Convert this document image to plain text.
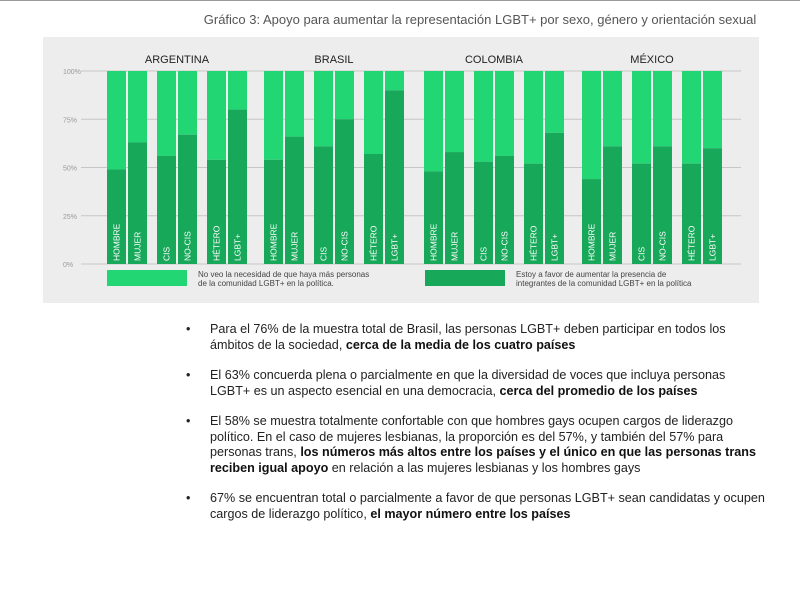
Gráfico 3: Apoyo para aumentar la representación LGBT+ por sexo, género y orientación sexual
100%
75%
50%
25%
0%
ARGENTINA
HOMBRE MUJER CIS NO-CIS HÉTERO LGBT+
BRASIL
HOMBRE MUJER CIS NO-CIS HÉTERO LGBT+
COLOMBIA
HOMBRE MUJER CIS NO-CIS HÉTERO LGBT+
MÉXICO
HOMBRE MUJER CIS NO-CIS HÉTERO LGBT+
No veo la necesidad de que haya más personas
de la comunidad LGBT+ en la política.
Estoy a favor de aumentar la presencia de
integrantes de la comunidad LGBT+ en la política
• Para el 76% de la muestra total de Brasil, las personas LGBT+ deben participar en todos los ámbitos de la sociedad, cerca de la media de los cuatro países
• El 63% concuerda plena o parcialmente en que la diversidad de voces que incluya personas LGBT+ es un aspecto esencial en una democracia, cerca del promedio de los países
• El 58% se muestra totalmente confortable con que hombres gays ocupen cargos de liderazgo político. En el caso de mujeres lesbianas, la proporción es del 57%, y también del 57% para personas trans, los números más altos entre los países y el único en que las personas trans reciben igual apoyo en relación a las mujeres lesbianas y los hombres gays
• 67% se encuentran total o parcialmente a favor de que personas LGBT+ sean candidatas y ocupen cargos de liderazgo político, el mayor número entre los países
